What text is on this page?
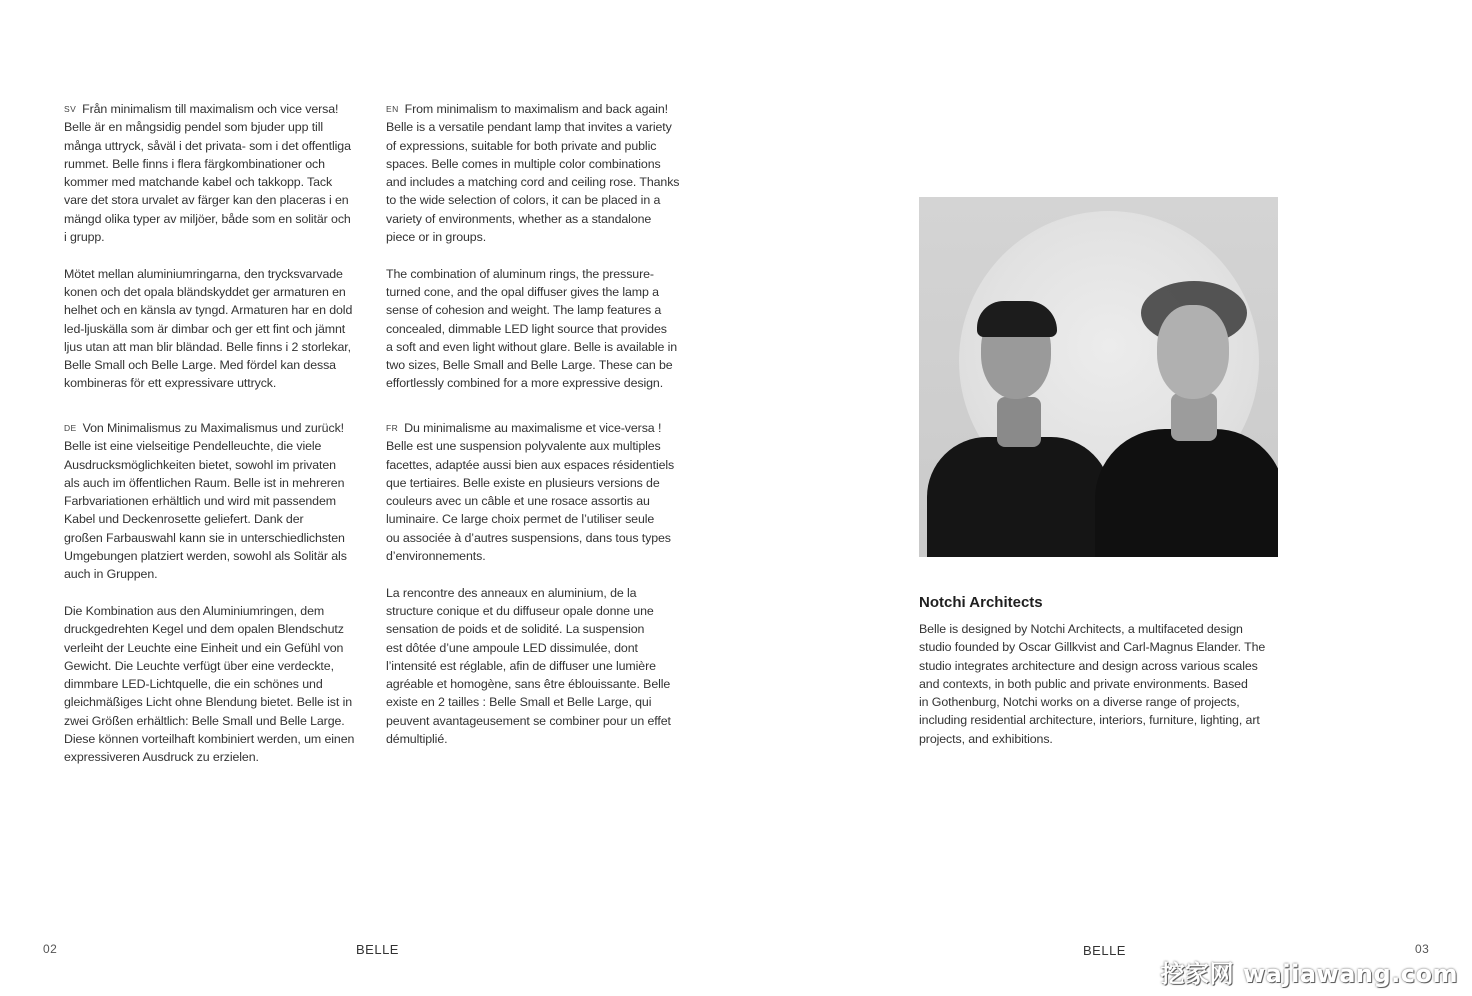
SV Från minimalism till maximalism och vice versa!
Belle är en mångsidig pendel som bjuder upp till
många uttryck, såväl i det privata- som i det offentliga
rummet. Belle finns i flera färgkombinationer och
kommer med matchande kabel och takkopp. Tack
vare det stora urvalet av färger kan den placeras i en
mängd olika typer av miljöer, både som en solitär och
i grupp.

Mötet mellan aluminiumringarna, den trycksvarvade
konen och det opala bländskyddet ger armaturen en
helhet och en känsla av tyngd. Armaturen har en dold
led-ljuskälla som är dimbar och ger ett fint och jämnt
ljus utan att man blir bländad. Belle finns i 2 storlekar,
Belle Small och Belle Large. Med fördel kan dessa
kombineras för ett expressivare uttryck.

EN From minimalism to maximalism and back again!
Belle is a versatile pendant lamp that invites a variety
of expressions, suitable for both private and public
spaces. Belle comes in multiple color combinations
and includes a matching cord and ceiling rose. Thanks
to the wide selection of colors, it can be placed in a
variety of environments, whether as a standalone
piece or in groups.

The combination of aluminum rings, the pressure-
turned cone, and the opal diffuser gives the lamp a
sense of cohesion and weight. The lamp features a
concealed, dimmable LED light source that provides
a soft and even light without glare. Belle is available in
two sizes, Belle Small and Belle Large. These can be
effortlessly combined for a more expressive design.

DE Von Minimalismus zu Maximalismus und zurück!
Belle ist eine vielseitige Pendelleuchte, die viele
Ausdrucksmöglichkeiten bietet, sowohl im privaten
als auch im öffentlichen Raum. Belle ist in mehreren
Farbvariationen erhältlich und wird mit passendem
Kabel und Deckenrosette geliefert. Dank der
großen Farbauswahl kann sie in unterschiedlichsten
Umgebungen platziert werden, sowohl als Solitär als
auch in Gruppen.

Die Kombination aus den Aluminiumringen, dem
druckgedrehten Kegel und dem opalen Blendschutz
verleiht der Leuchte eine Einheit und ein Gefühl von
Gewicht. Die Leuchte verfügt über eine verdeckte,
dimmbare LED-Lichtquelle, die ein schönes und
gleichmäßiges Licht ohne Blendung bietet. Belle ist in
zwei Größen erhältlich: Belle Small und Belle Large.
Diese können vorteilhaft kombiniert werden, um einen
expressiveren Ausdruck zu erzielen.

FR Du minimalisme au maximalisme et vice-versa !
Belle est une suspension polyvalente aux multiples
facettes, adaptée aussi bien aux espaces résidentiels
que tertiaires. Belle existe en plusieurs versions de
couleurs avec un câble et une rosace assortis au
luminaire. Ce large choix permet de l’utiliser seule
ou associée à d’autres suspensions, dans tous types
d’environnements.

La rencontre des anneaux en aluminium, de la
structure conique et du diffuseur opale donne une
sensation de poids et de solidité. La suspension
est dôtée d’une ampoule LED dissimulée, dont
l’intensité est réglable, afin de diffuser une lumière
agréable et homogène, sans être éblouissante. Belle
existe en 2 tailles : Belle Small et Belle Large, qui
peuvent avantageusement se combiner pour un effet
démultiplié.

Notchi Architects

Belle is designed by Notchi Architects, a multifaceted design
studio founded by Oscar Gillkvist and Carl-Magnus Elander. The
studio integrates architecture and design across various scales
and contexts, in both public and private environments. Based
in Gothenburg, Notchi works on a diverse range of projects,
including residential architecture, interiors, furniture, lighting, art
projects, and exhibitions.

02	BELLE	BELLE	03
挖家网 wajiawang.com
